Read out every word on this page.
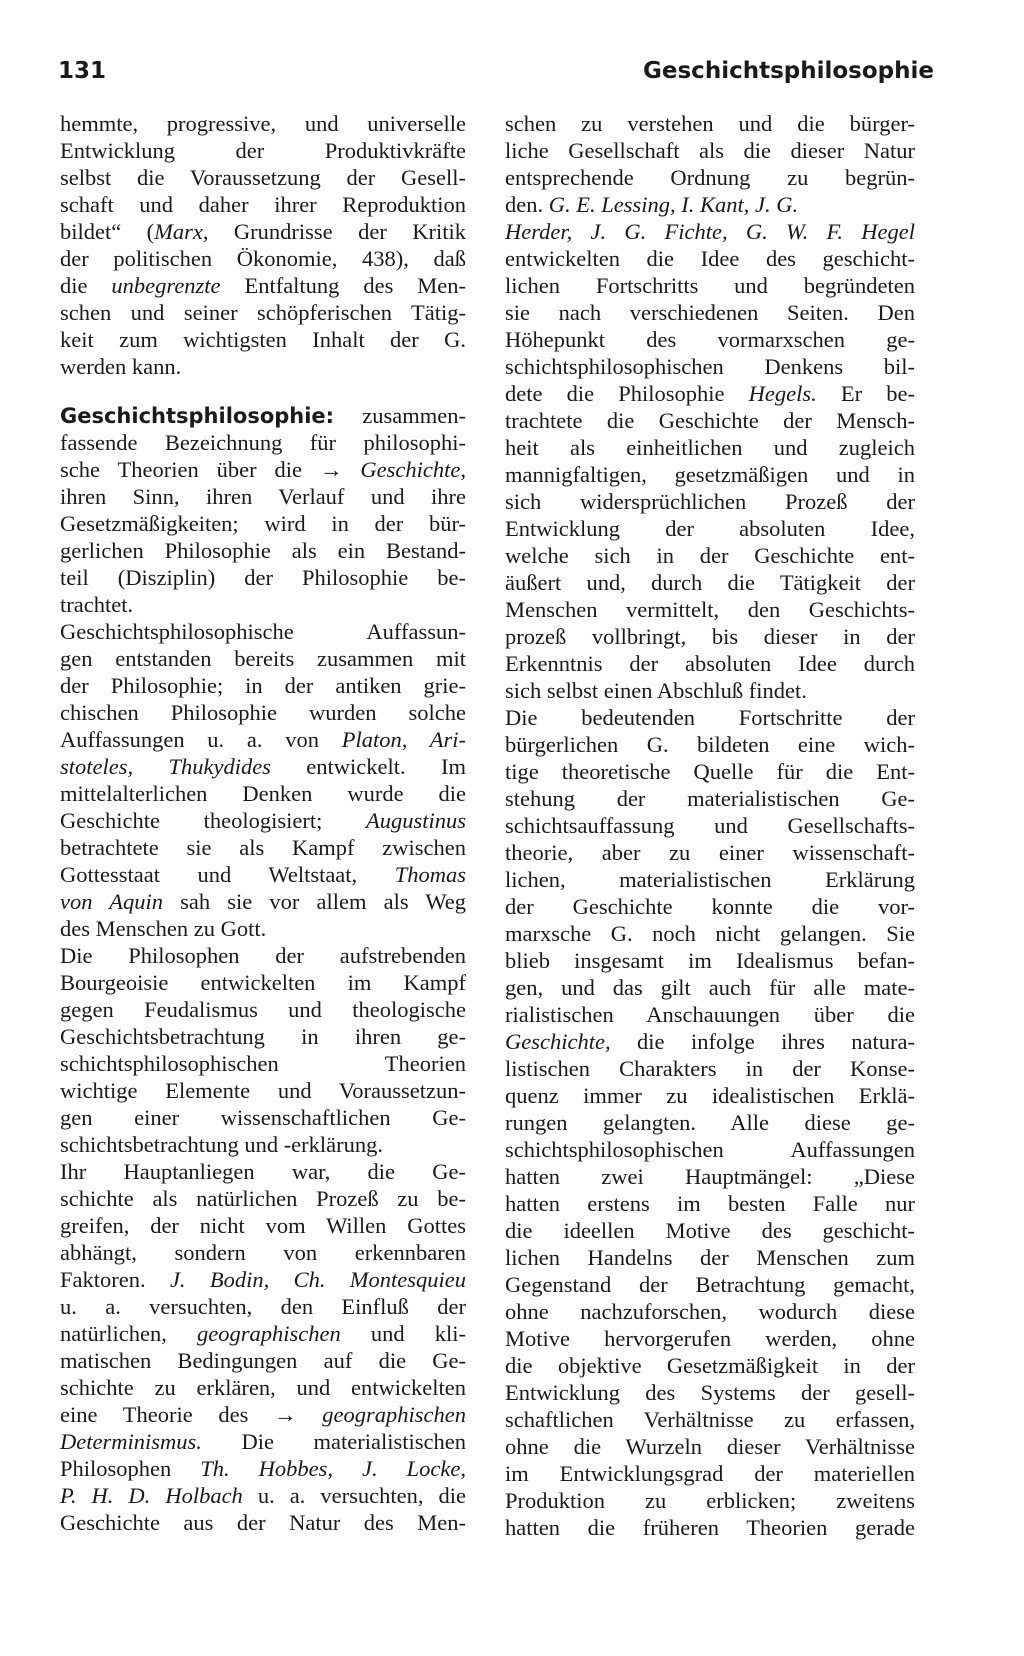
131	Geschichtsphilosophie
hemmte, progressive, und universelle
Entwicklung der Produktivkräfte
selbst die Voraussetzung der Gesell-
schaft und daher ihrer Reproduktion
bildet“ (Marx, Grundrisse der Kritik
der politischen Ökonomie, 438), daß
die unbegrenzte Entfaltung des Men-
schen und seiner schöpferischen Tätig-
keit zum wichtigsten Inhalt der G.
werden kann.
Geschichtsphilosophie: zusammen-
fassende Bezeichnung für philosophi-
sche Theorien über die → Geschichte,
ihren Sinn, ihren Verlauf und ihre
Gesetzmäßigkeiten; wird in der bür-
gerlichen Philosophie als ein Bestand-
teil (Disziplin) der Philosophie be-
trachtet.
Geschichtsphilosophische Auffassun-
gen entstanden bereits zusammen mit
der Philosophie; in der antiken grie-
chischen Philosophie wurden solche
Auffassungen u. a. von Platon, Ari-
stoteles, Thukydides entwickelt. Im
mittelalterlichen Denken wurde die
Geschichte theologisiert; Augustinus
betrachtete sie als Kampf zwischen
Gottesstaat und Weltstaat, Thomas
von Aquin sah sie vor allem als Weg
des Menschen zu Gott.
Die Philosophen der aufstrebenden
Bourgeoisie entwickelten im Kampf
gegen Feudalismus und theologische
Geschichtsbetrachtung in ihren ge-
schichtsphilosophischen Theorien
wichtige Elemente und Voraussetzun-
gen einer wissenschaftlichen Ge-
schichtsbetrachtung und -erklärung.
Ihr Hauptanliegen war, die Ge-
schichte als natürlichen Prozeß zu be-
greifen, der nicht vom Willen Gottes
abhängt, sondern von erkennbaren
Faktoren. J. Bodin, Ch. Montesquieu
u. a. versuchten, den Einfluß der
natürlichen, geographischen und kli-
matischen Bedingungen auf die Ge-
schichte zu erklären, und entwickelten
eine Theorie des → geographischen
Determinismus. Die materialistischen
Philosophen Th. Hobbes, J. Locke,
P. H. D. Holbach u. a. versuchten, die
Geschichte aus der Natur des Men-
schen zu verstehen und die bürger-
liche Gesellschaft als die dieser Natur
entsprechende Ordnung zu begrün-
den. G. E. Lessing, I. Kant, J. G.
Herder, J. G. Fichte, G. W. F. Hegel
entwickelten die Idee des geschicht-
lichen Fortschritts und begründeten
sie nach verschiedenen Seiten. Den
Höhepunkt des vormarxschen ge-
schichtsphilosophischen Denkens bil-
dete die Philosophie Hegels. Er be-
trachtete die Geschichte der Mensch-
heit als einheitlichen und zugleich
mannigfaltigen, gesetzmäßigen und in
sich widersprüchlichen Prozeß der
Entwicklung der absoluten Idee,
welche sich in der Geschichte ent-
äußert und, durch die Tätigkeit der
Menschen vermittelt, den Geschichts-
prozeß vollbringt, bis dieser in der
Erkenntnis der absoluten Idee durch
sich selbst einen Abschluß findet.
Die bedeutenden Fortschritte der
bürgerlichen G. bildeten eine wich-
tige theoretische Quelle für die Ent-
stehung der materialistischen Ge-
schichtsauffassung und Gesellschafts-
theorie, aber zu einer wissenschaft-
lichen, materialistischen Erklärung
der Geschichte konnte die vor-
marxsche G. noch nicht gelangen. Sie
blieb insgesamt im Idealismus befan-
gen, und das gilt auch für alle mate-
rialistischen Anschauungen über die
Geschichte, die infolge ihres natura-
listischen Charakters in der Konse-
quenz immer zu idealistischen Erklä-
rungen gelangten. Alle diese ge-
schichtsphilosophischen Auffassungen
hatten zwei Hauptmängel: „Diese
hatten erstens im besten Falle nur
die ideellen Motive des geschicht-
lichen Handelns der Menschen zum
Gegenstand der Betrachtung gemacht,
ohne nachzuforschen, wodurch diese
Motive hervorgerufen werden, ohne
die objektive Gesetzmäßigkeit in der
Entwicklung des Systems der gesell-
schaftlichen Verhältnisse zu erfassen,
ohne die Wurzeln dieser Verhältnisse
im Entwicklungsgrad der materiellen
Produktion zu erblicken; zweitens
hatten die früheren Theorien gerade
